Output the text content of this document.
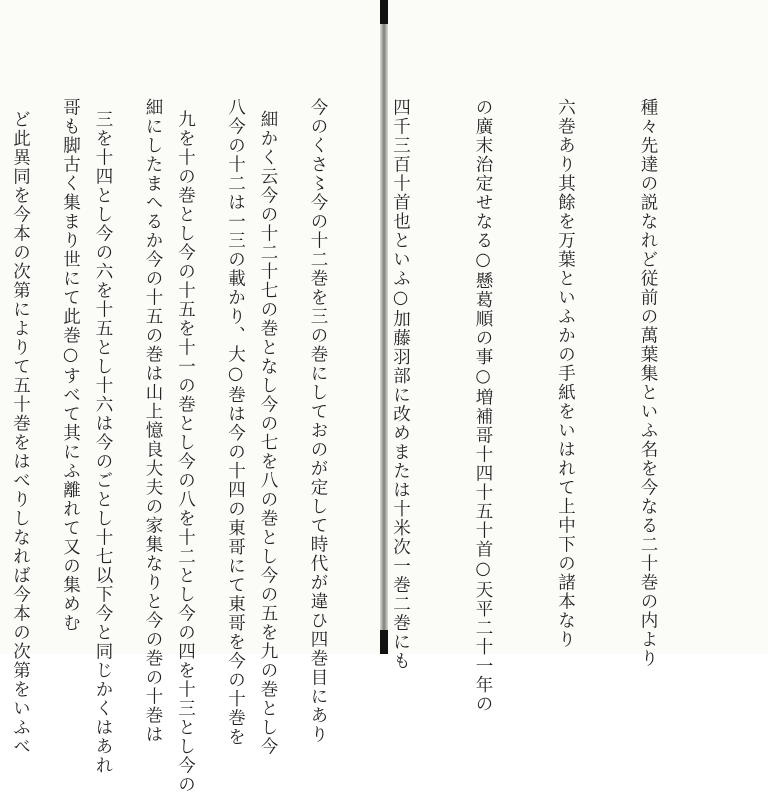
細かく云今の十二十七の巻となし今の七を八の巻とし今の五を九の巻とし今

九を十の巻とし今の十五を十一の巻とし今の八を十二とし今の四を十三とし今の

三を十四とし今の六を十五とし十六は今のごとし十七以下今と同じかくはあれ

ど此異同を今本の次第によりて五十巻をはべりしなれば今本の次第をいふべ

	種々先達の説なれど従前の萬葉集といふ名を今なる二十巻の内より

六巻あり其餘を万葉といふかの手紙をいはれて上中下の諸本なり

の廣末治定せなる○懸葛順の事○増補哥十四十五十首○天平二十一年の

四千三百十首也といふ○加藤羽部に改めまたは十米次一巻二巻にも

今のくさ〻今の十二巻を三の巻にしておのが定して時代が違ひ四巻目にあり

八今の十二は一三の載かり、大○巻は今の十四の東哥にて東哥を今の十巻を

細にしたまへるか今の十五の巻は山上憶良大夫の家集なりと今の巻の十巻は

哥も脚古く集まり世にて此巻○すべて其にふ離れて又の集めむ
